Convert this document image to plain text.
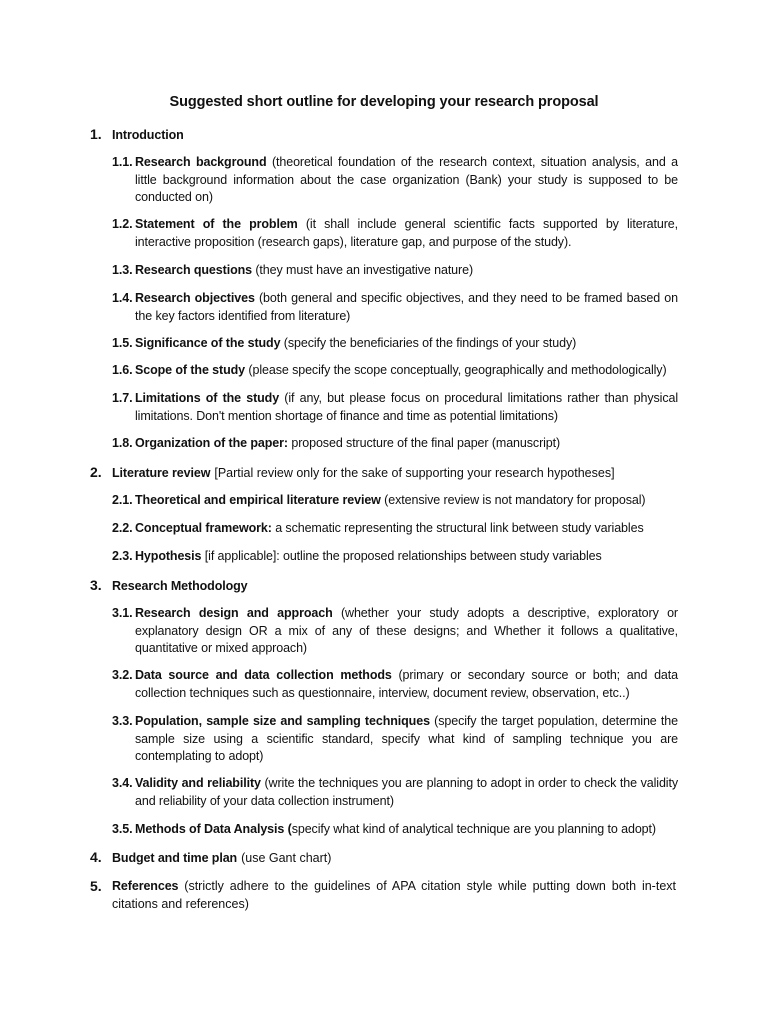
Suggested short outline for developing your research proposal
1. Introduction
1.1. Research background (theoretical foundation of the research context, situation analysis, and a little background information about the case organization (Bank) your study is supposed to be conducted on)
1.2. Statement of the problem (it shall include general scientific facts supported by literature, interactive proposition (research gaps), literature gap, and purpose of the study).
1.3. Research questions (they must have an investigative nature)
1.4. Research objectives (both general and specific objectives, and they need to be framed based on the key factors identified from literature)
1.5. Significance of the study (specify the beneficiaries of the findings of your study)
1.6. Scope of the study (please specify the scope conceptually, geographically and methodologically)
1.7. Limitations of the study (if any, but please focus on procedural limitations rather than physical limitations. Don't mention shortage of finance and time as potential limitations)
1.8. Organization of the paper: proposed structure of the final paper (manuscript)
2. Literature review [Partial review only for the sake of supporting your research hypotheses]
2.1. Theoretical and empirical literature review (extensive review is not mandatory for proposal)
2.2. Conceptual framework: a schematic representing the structural link between study variables
2.3. Hypothesis [if applicable]: outline the proposed relationships between study variables
3. Research Methodology
3.1. Research design and approach (whether your study adopts a descriptive, exploratory or explanatory design OR a mix of any of these designs; and Whether it follows a qualitative, quantitative or mixed approach)
3.2. Data source and data collection methods (primary or secondary source or both; and data collection techniques such as questionnaire, interview, document review, observation, etc..)
3.3. Population, sample size and sampling techniques (specify the target population, determine the sample size using a scientific standard, specify what kind of sampling technique you are contemplating to adopt)
3.4. Validity and reliability (write the techniques you are planning to adopt in order to check the validity and reliability of your data collection instrument)
3.5. Methods of Data Analysis (specify what kind of analytical technique are you planning to adopt)
4. Budget and time plan (use Gant chart)
5. References (strictly adhere to the guidelines of APA citation style while putting down both in-text citations and references)
